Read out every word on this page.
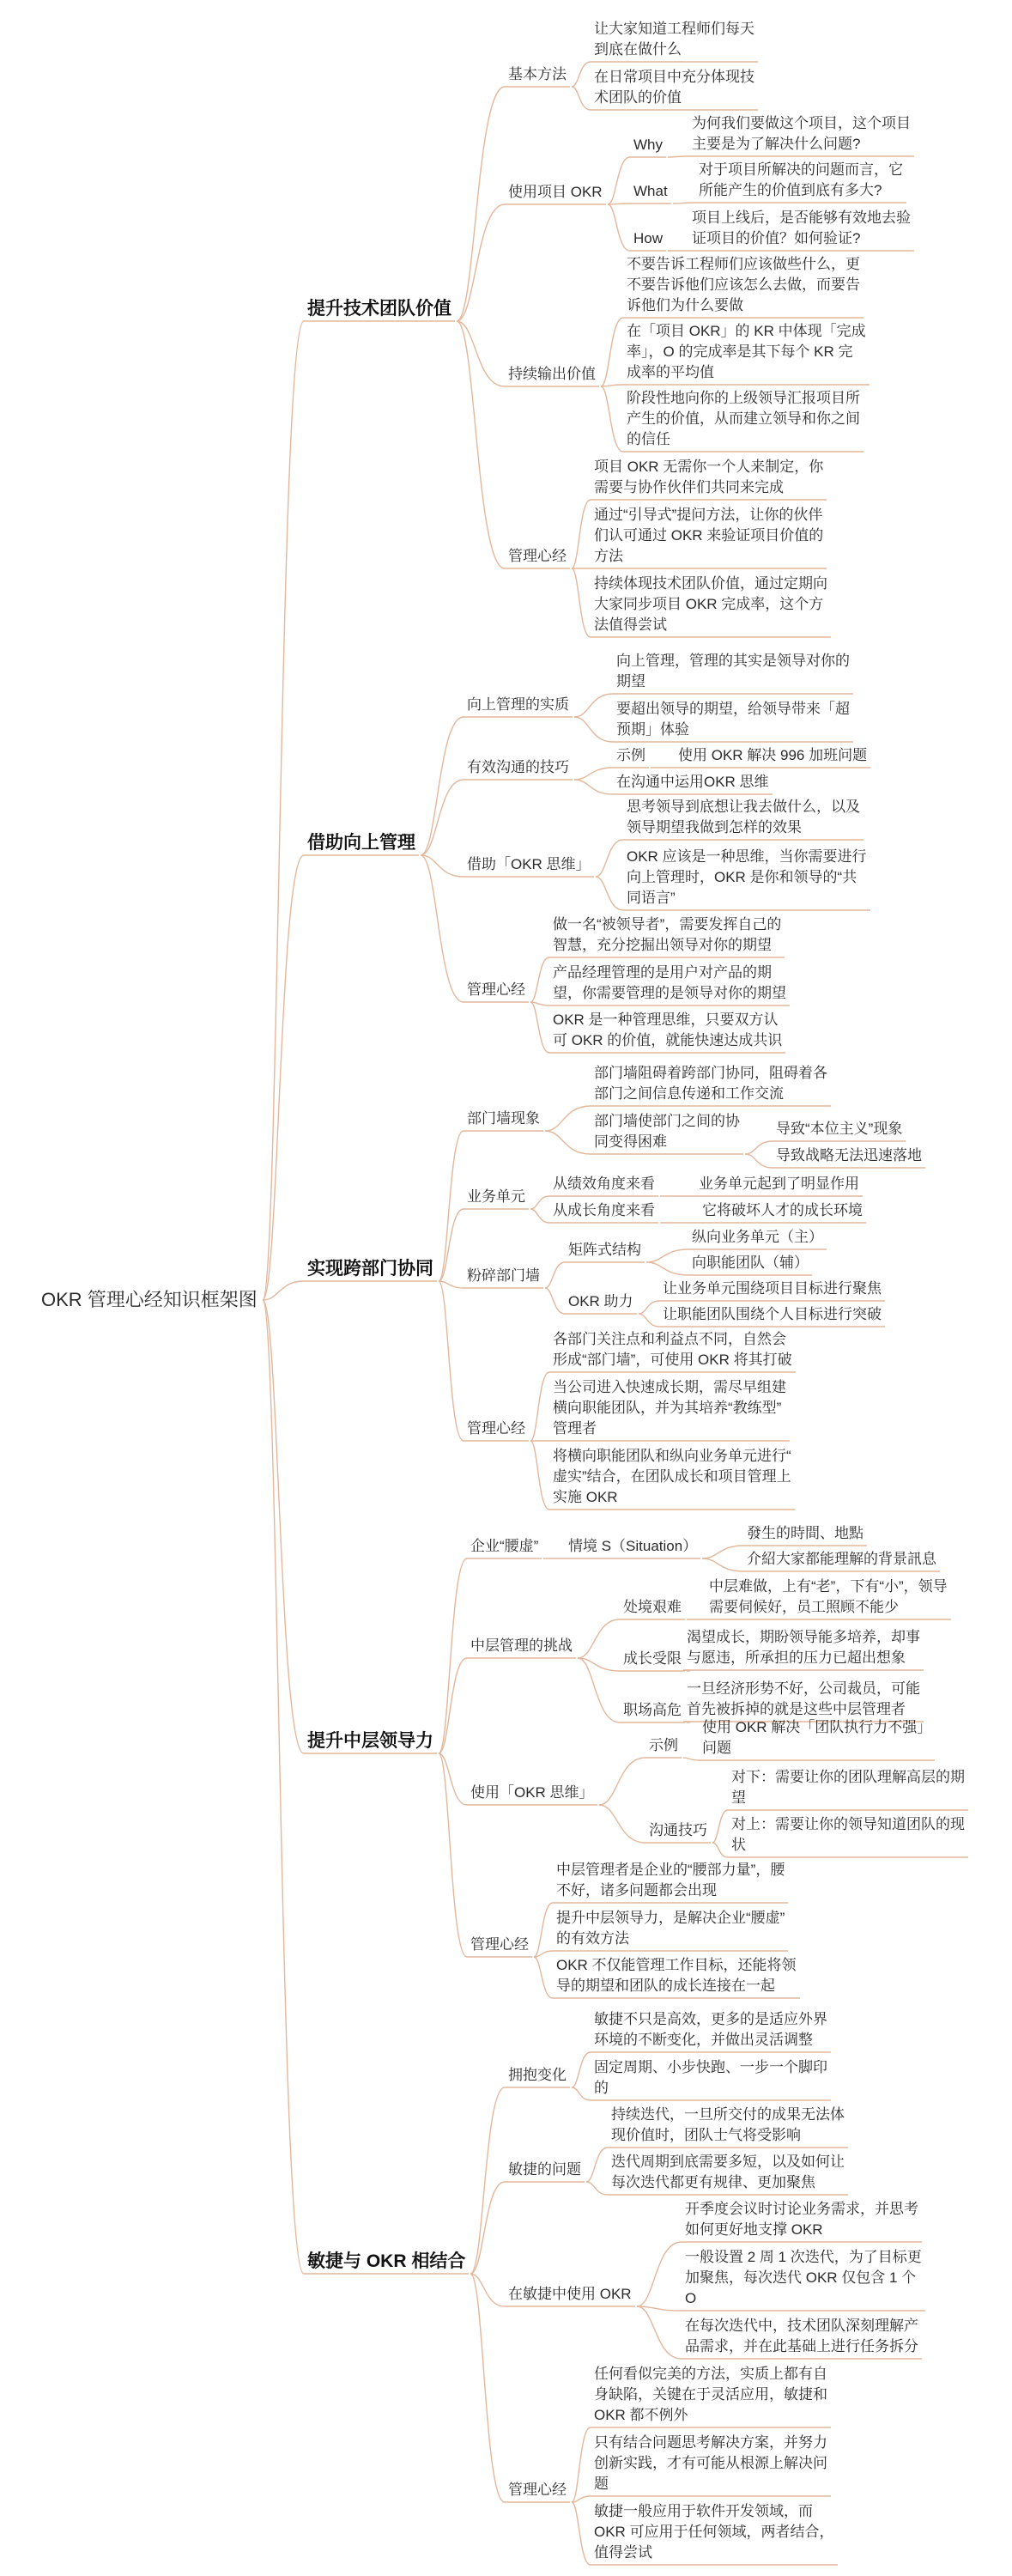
OKR 管理心经知识框架图
提升技术团队价值
基本方法
让大家知道工程师们每天
到底在做什么
在日常项目中充分体现技
术团队的价值
使用项目 OKR
Why
为何我们要做这个项目，这个项目
主要是为了解决什么问题?
What
对于项目所解决的问题而言，它
所能产生的价值到底有多大?
How
项目上线后，是否能够有效地去验
证项目的价值？如何验证?
持续输出价值
不要告诉工程师们应该做些什么，更
不要告诉他们应该怎么去做，而要告
诉他们为什么要做
在「项目 OKR」的 KR 中体现「完成
率」，O 的完成率是其下每个 KR 完
成率的平均值
阶段性地向你的上级领导汇报项目所
产生的价值，从而建立领导和你之间
的信任
管理心经
项目 OKR 无需你一个人来制定，你
需要与协作伙伴们共同来完成
通过“引导式”提问方法，让你的伙伴
们认可通过 OKR 来验证项目价值的
方法
持续体现技术团队价值，通过定期向
大家同步项目 OKR 完成率，这个方
法值得尝试
借助向上管理
向上管理的实质
向上管理，管理的其实是领导对你的
期望
要超出领导的期望，给领导带来「超
预期」体验
有效沟通的技巧
示例 使用 OKR 解决 996 加班问题
在沟通中运用OKR 思维
借助「OKR 思维」
思考领导到底想让我去做什么，以及
领导期望我做到怎样的效果
OKR 应该是一种思维，当你需要进行
向上管理时，OKR 是你和领导的“共
同语言”
管理心经
做一名“被领导者”，需要发挥自己的
智慧，充分挖掘出领导对你的期望
产品经理管理的是用户对产品的期
望，你需要管理的是领导对你的期望
OKR 是一种管理思维，只要双方认
可 OKR 的价值，就能快速达成共识
实现跨部门协同
部门墙现象
部门墙阻碍着跨部门协同，阻碍着各
部门之间信息传递和工作交流
部门墙使部门之间的协
同变得困难
导致“本位主义”现象
导致战略无法迅速落地
业务单元
从绩效角度来看	业务单元起到了明显作用
从成长角度来看	它将破坏人才的成长环境
粉碎部门墙
矩阵式结构
纵向业务单元（主）
向职能团队（辅）
OKR 助力
让业务单元围绕项目目标进行聚焦
让职能团队围绕个人目标进行突破
管理心经
各部门关注点和利益点不同，自然会
形成“部门墙”，可使用 OKR 将其打破
当公司进入快速成长期，需尽早组建
横向职能团队，并为其培养“教练型”
管理者
将横向职能团队和纵向业务单元进行“
虚实”结合，在团队成长和项目管理上
实施 OKR
提升中层领导力
企业“腰虚” 情境 S（Situation）
發生的時間、地點
介紹大家都能理解的背景訊息
中层管理的挑战
处境艰难
中层难做，上有“老”，下有“小”，领导
需要伺候好，员工照顾不能少
成长受限
渴望成长，期盼领导能多培养，却事
与愿违，所承担的压力已超出想象
职场高危
一旦经济形势不好，公司裁员，可能
首先被拆掉的就是这些中层管理者
使用「OKR 思维」
示例
使用 OKR 解决「团队执行力不强」
问题
沟通技巧
对下：需要让你的团队理解高层的期
望
对上：需要让你的领导知道团队的现
状
管理心经
中层管理者是企业的“腰部力量”，腰
不好，诸多问题都会出现
提升中层领导力，是解决企业“腰虚”
的有效方法
OKR 不仅能管理工作目标，还能将领
导的期望和团队的成长连接在一起
敏捷与 OKR 相结合
拥抱变化
敏捷不只是高效，更多的是适应外界
环境的不断变化，并做出灵活调整
固定周期、小步快跑、一步一个脚印
的
敏捷的问题
持续迭代，一旦所交付的成果无法体
现价值时，团队士气将受影响
迭代周期到底需要多短，以及如何让
每次迭代都更有规律、更加聚焦
在敏捷中使用 OKR
开季度会议时讨论业务需求，并思考
如何更好地支撑 OKR
一般设置 2 周 1 次迭代，为了目标更
加聚焦，每次迭代 OKR 仅包含 1 个
O
在每次迭代中，技术团队深刻理解产
品需求，并在此基础上进行任务拆分
管理心经
任何看似完美的方法，实质上都有自
身缺陷，关键在于灵活应用，敏捷和
OKR 都不例外
只有结合问题思考解决方案，并努力
创新实践，才有可能从根源上解决问
题
敏捷一般应用于软件开发领域，而
OKR 可应用于任何领域，两者结合，
值得尝试
